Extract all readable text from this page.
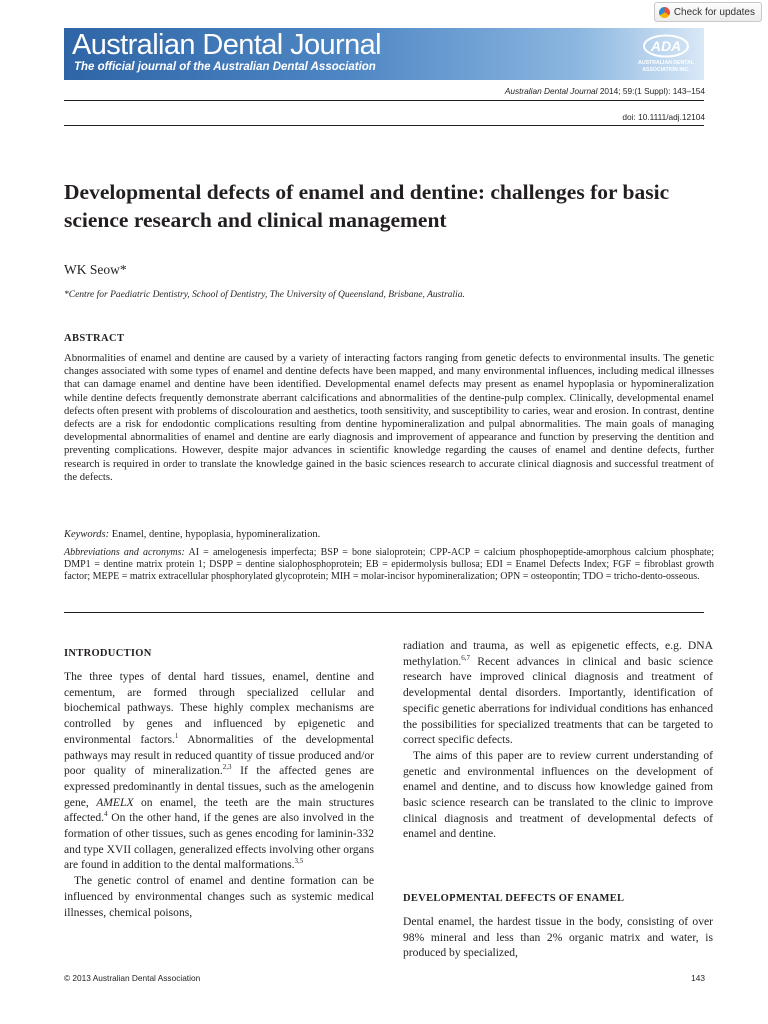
Check for updates
Australian Dental Journal
The official journal of the Australian Dental Association
ADA
AUSTRALIAN DENTAL
ASSOCIATION INC.
Australian Dental Journal 2014; 59:(1 Suppl): 143–154
doi: 10.1111/adj.12104
Developmental defects of enamel and dentine: challenges for basic science research and clinical management
WK Seow*
*Centre for Paediatric Dentistry, School of Dentistry, The University of Queensland, Brisbane, Australia.
ABSTRACT

Abnormalities of enamel and dentine are caused by a variety of interacting factors ranging from genetic defects to environmental insults. The genetic changes associated with some types of enamel and dentine defects have been mapped, and many environmental influences, including medical illnesses that can damage enamel and dentine have been identified. Developmental enamel defects may present as enamel hypoplasia or hypomineralization while dentine defects frequently demonstrate aberrant calcifications and abnormalities of the dentine-pulp complex. Clinically, developmental enamel defects often present with problems of discolouration and aesthetics, tooth sensitivity, and susceptibility to caries, wear and erosion. In contrast, dentine defects are a risk for endodontic complications resulting from dentine hypomineralization and pulpal abnormalities. The main goals of managing developmental abnormalities of enamel and dentine are early diagnosis and improvement of appearance and function by preserving the dentition and preventing complications. However, despite major advances in scientific knowledge regarding the causes of enamel and dentine defects, further research is required in order to translate the knowledge gained in the basic sciences research to accurate clinical diagnosis and successful treatment of the defects.

Keywords: Enamel, dentine, hypoplasia, hypomineralization.

Abbreviations and acronyms: AI = amelogenesis imperfecta; BSP = bone sialoprotein; CPP-ACP = calcium phosphopeptide-amorphous calcium phosphate; DMP1 = dentine matrix protein 1; DSPP = dentine sialophosphoprotein; EB = epidermolysis bullosa; EDI = Enamel Defects Index; FGF = fibroblast growth factor; MEPE = matrix extracellular phosphorylated glycoprotein; MIH = molar-incisor hypomineralization; OPN = osteopontin; TDO = tricho-dento-osseous.

INTRODUCTION

The three types of dental hard tissues, enamel, dentine and cementum, are formed through specialized cellular and biochemical pathways. These highly complex mechanisms are controlled by genes and influenced by epigenetic and environmental factors.$^1$ Abnormalities of the developmental pathways may result in reduced quantity of tissue produced and/or poor quality of mineralization.$^{2,3}$ If the affected genes are expressed predominantly in dental tissues, such as the amelogenin gene, AMELX on enamel, the teeth are the main structures affected.$^4$ On the other hand, if the genes are also involved in the formation of other tissues, such as genes encoding for laminin-332 and type XVII collagen, generalized effects involving other organs are found in addition to the dental malformations.$^{3,5}$

The genetic control of enamel and dentine formation can be influenced by environmental changes such as systemic medical illnesses, chemical poisons,

radiation and trauma, as well as epigenetic effects, e.g. DNA methylation.$^{6,7}$ Recent advances in clinical and basic science research have improved clinical diagnosis and treatment of developmental dental disorders. Importantly, identification of specific genetic aberrations for individual conditions has enhanced the possibilities for specialized treatments that can be targeted to correct specific defects.

The aims of this paper are to review current understanding of genetic and environmental influences on the development of enamel and dentine, and to discuss how knowledge gained from basic science research can be translated to the clinic to improve clinical diagnosis and treatment of developmental defects of enamel and dentine.

DEVELOPMENTAL DEFECTS OF ENAMEL

Dental enamel, the hardest tissue in the body, consisting of over 98% mineral and less than 2% organic matrix and water, is produced by specialized,

© 2013 Australian Dental Association	143
